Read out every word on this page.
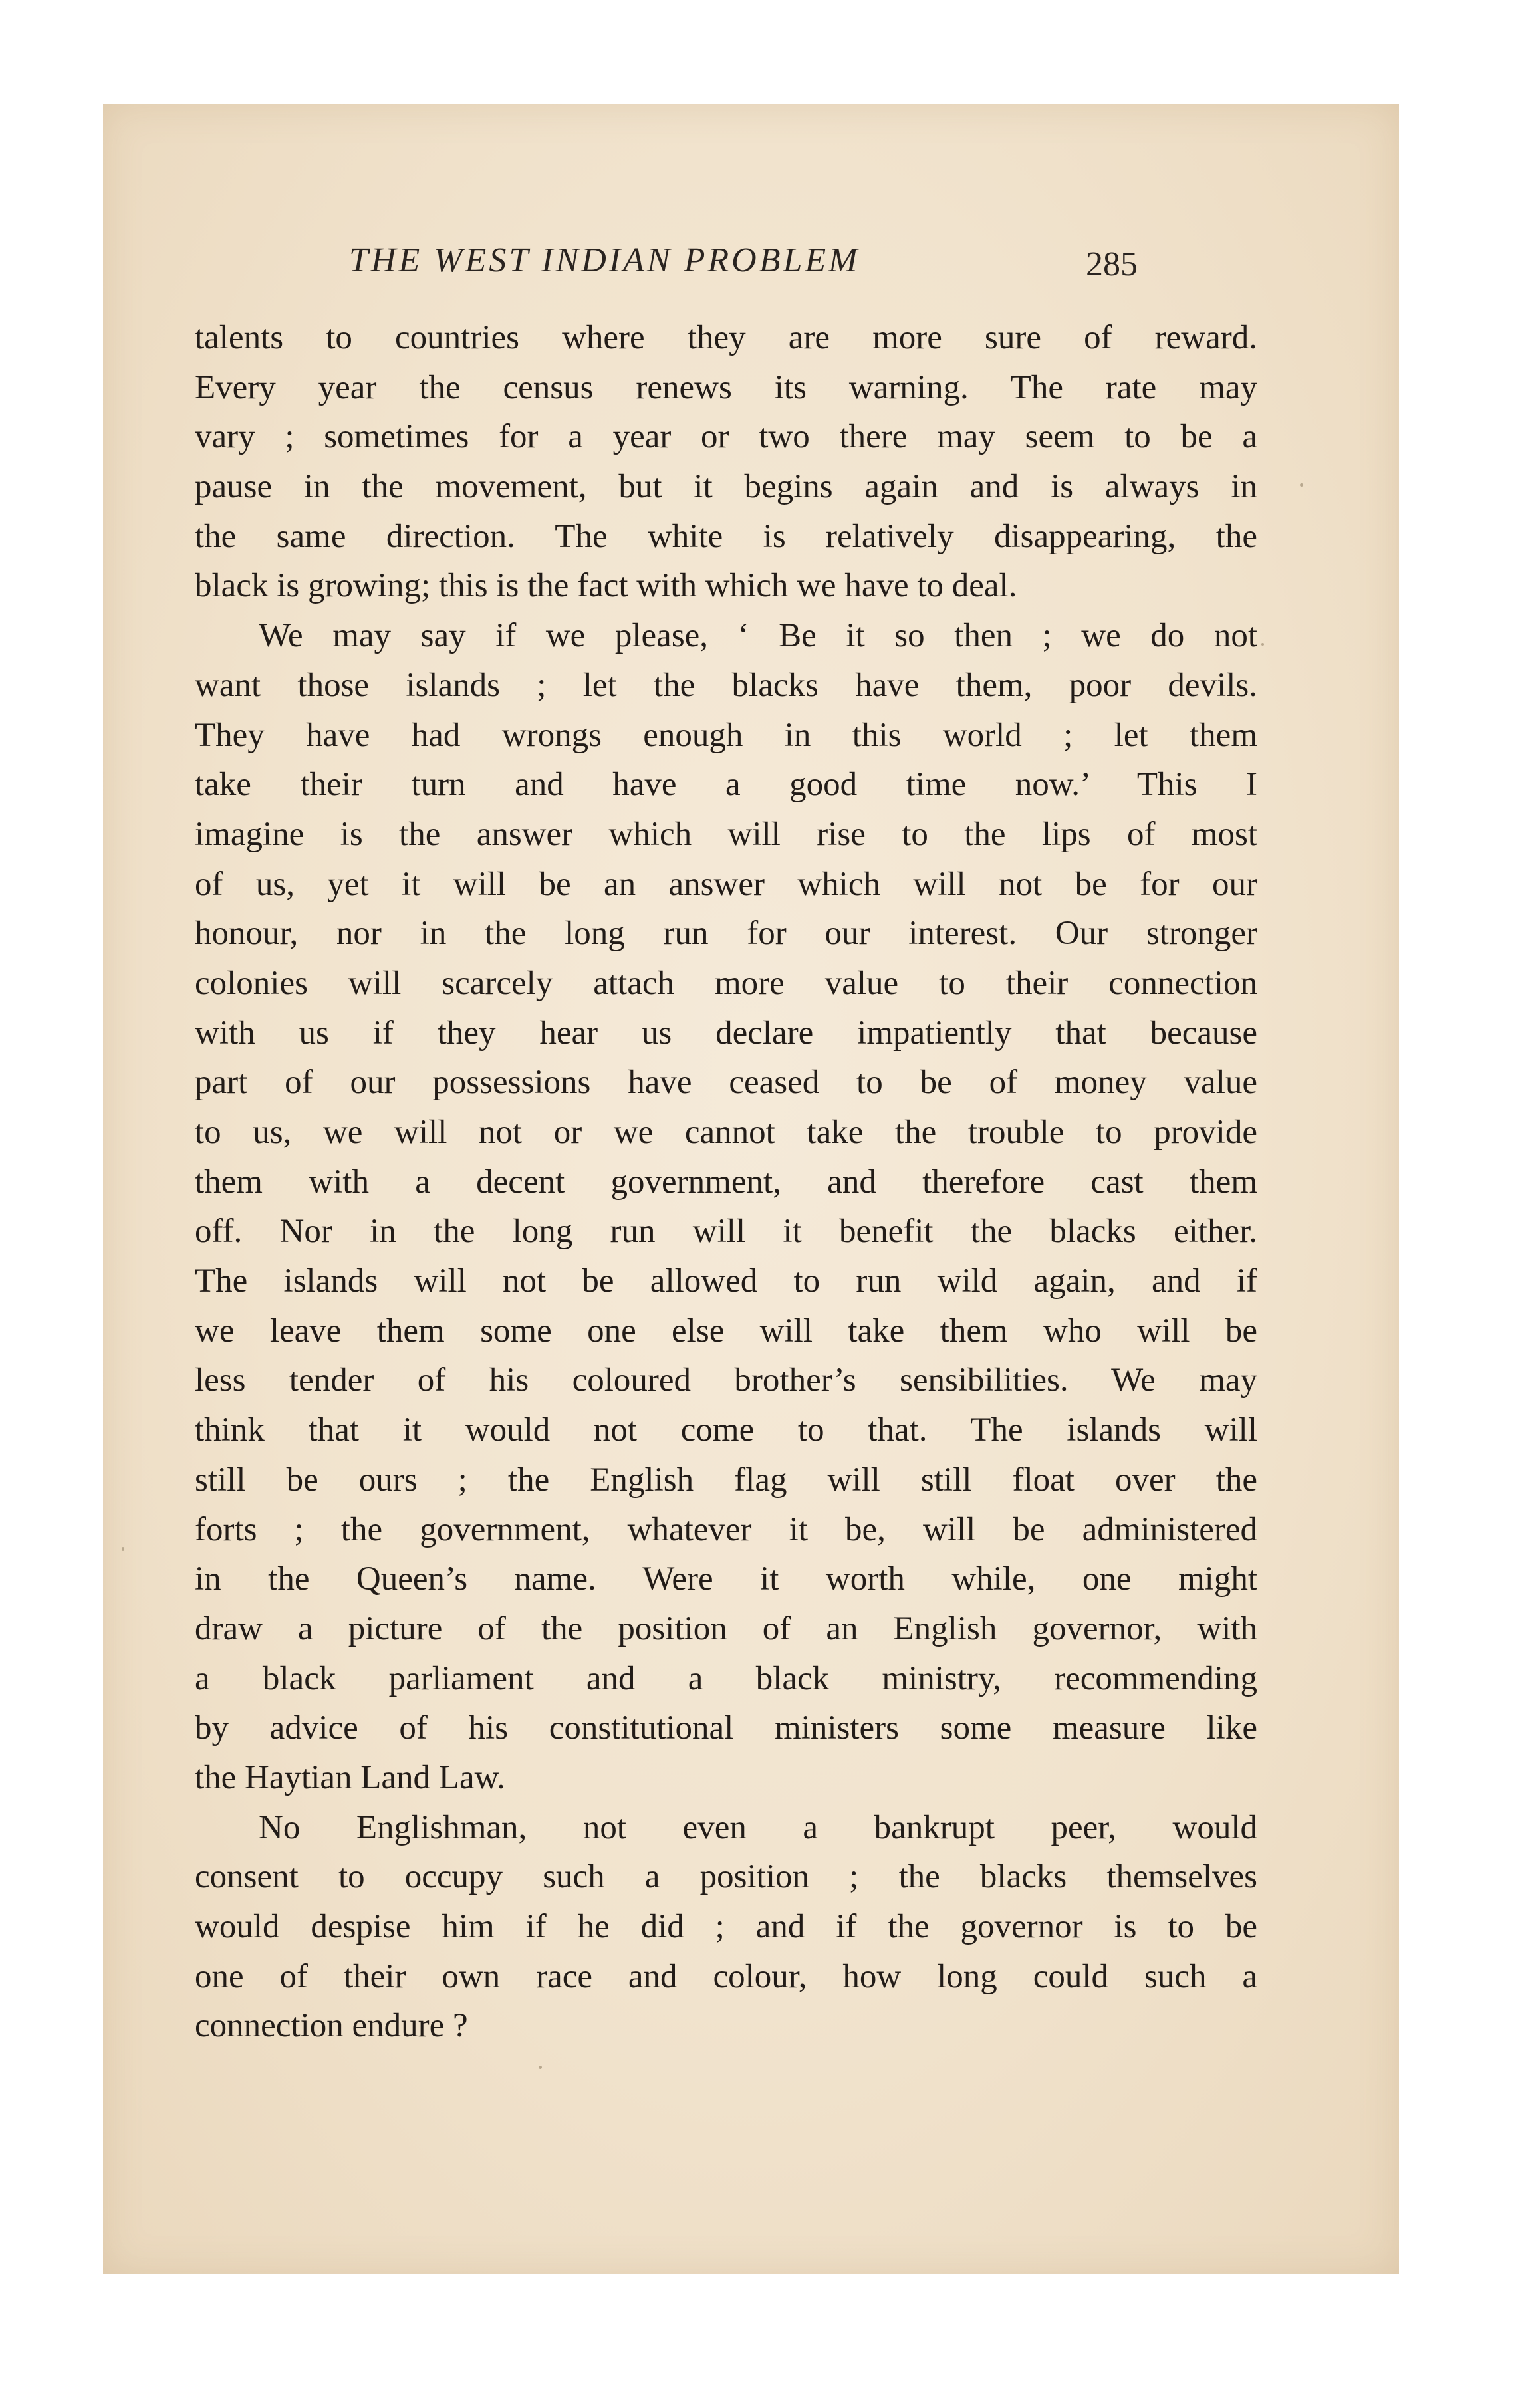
THE WEST INDIAN PROBLEM	285
talents to countries where they are more sure of reward.
Every year the census renews its warning. The rate may
vary ; sometimes for a year or two there may seem to be a
pause in the movement, but it begins again and is always in
the same direction. The white is relatively disappearing, the
black is growing; this is the fact with which we have to deal.
We may say if we please, ‘ Be it so then ; we do not
want those islands ; let the blacks have them, poor devils.
They have had wrongs enough in this world ; let them
take their turn and have a good time now.’ This I
imagine is the answer which will rise to the lips of most
of us, yet it will be an answer which will not be for our
honour, nor in the long run for our interest. Our stronger
colonies will scarcely attach more value to their connection
with us if they hear us declare impatiently that because
part of our possessions have ceased to be of money value
to us, we will not or we cannot take the trouble to provide
them with a decent government, and therefore cast them
off. Nor in the long run will it benefit the blacks either.
The islands will not be allowed to run wild again, and if
we leave them some one else will take them who will be
less tender of his coloured brother’s sensibilities. We may
think that it would not come to that. The islands will
still be ours ; the English flag will still float over the
forts ; the government, whatever it be, will be administered
in the Queen’s name. Were it worth while, one might
draw a picture of the position of an English governor, with
a black parliament and a black ministry, recommending
by advice of his constitutional ministers some measure like
the Haytian Land Law.
No Englishman, not even a bankrupt peer, would
consent to occupy such a position ; the blacks themselves
would despise him if he did ; and if the governor is to be
one of their own race and colour, how long could such a
connection endure ?
